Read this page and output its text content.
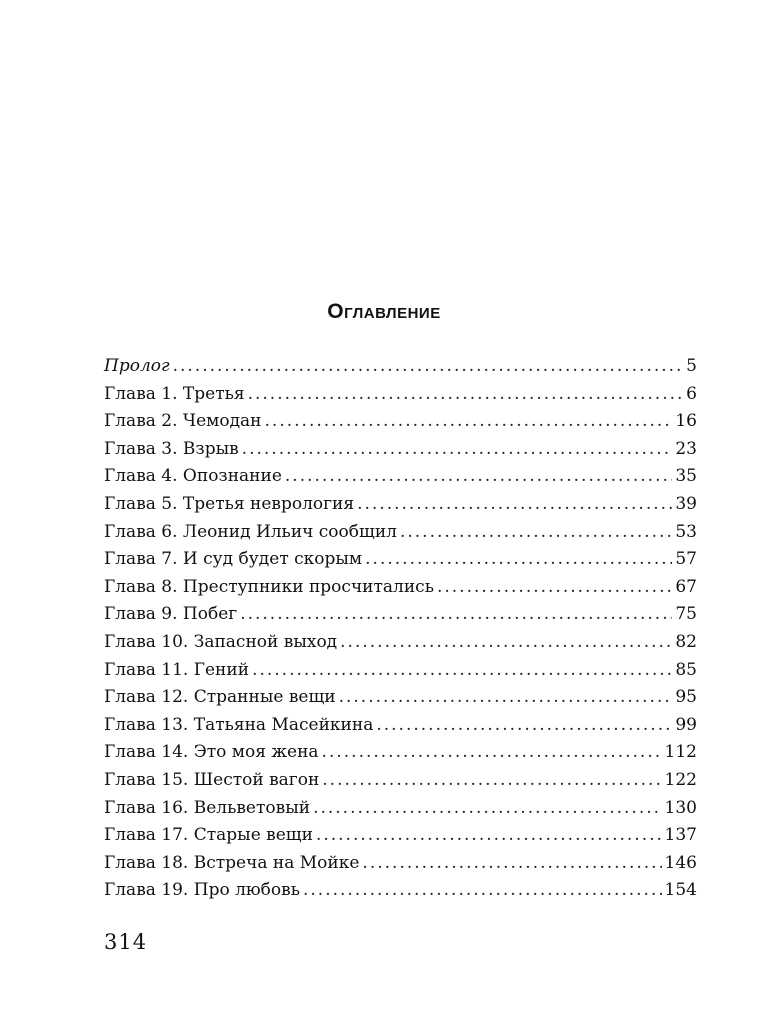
Оглавление
Пролог .....	5
Глава 1. Третья .....	6
Глава 2. Чемодан .....	16
Глава 3. Взрыв .....	23
Глава 4. Опознание .....	35
Глава 5. Третья неврология .....	39
Глава 6. Леонид Ильич сообщил .....	53
Глава 7. И суд будет скорым .....	57
Глава 8. Преступники просчитались .....	67
Глава 9. Побег .....	75
Глава 10. Запасной выход .....	82
Глава 11. Гений .....	85
Глава 12. Странные вещи .....	95
Глава 13. Татьяна Масейкина .....	99
Глава 14. Это моя жена .....	112
Глава 15. Шестой вагон .....	122
Глава 16. Вельветовый .....	130
Глава 17. Старые вещи .....	137
Глава 18. Встреча на Мойке .....	146
Глава 19. Про любовь .....	154
314
